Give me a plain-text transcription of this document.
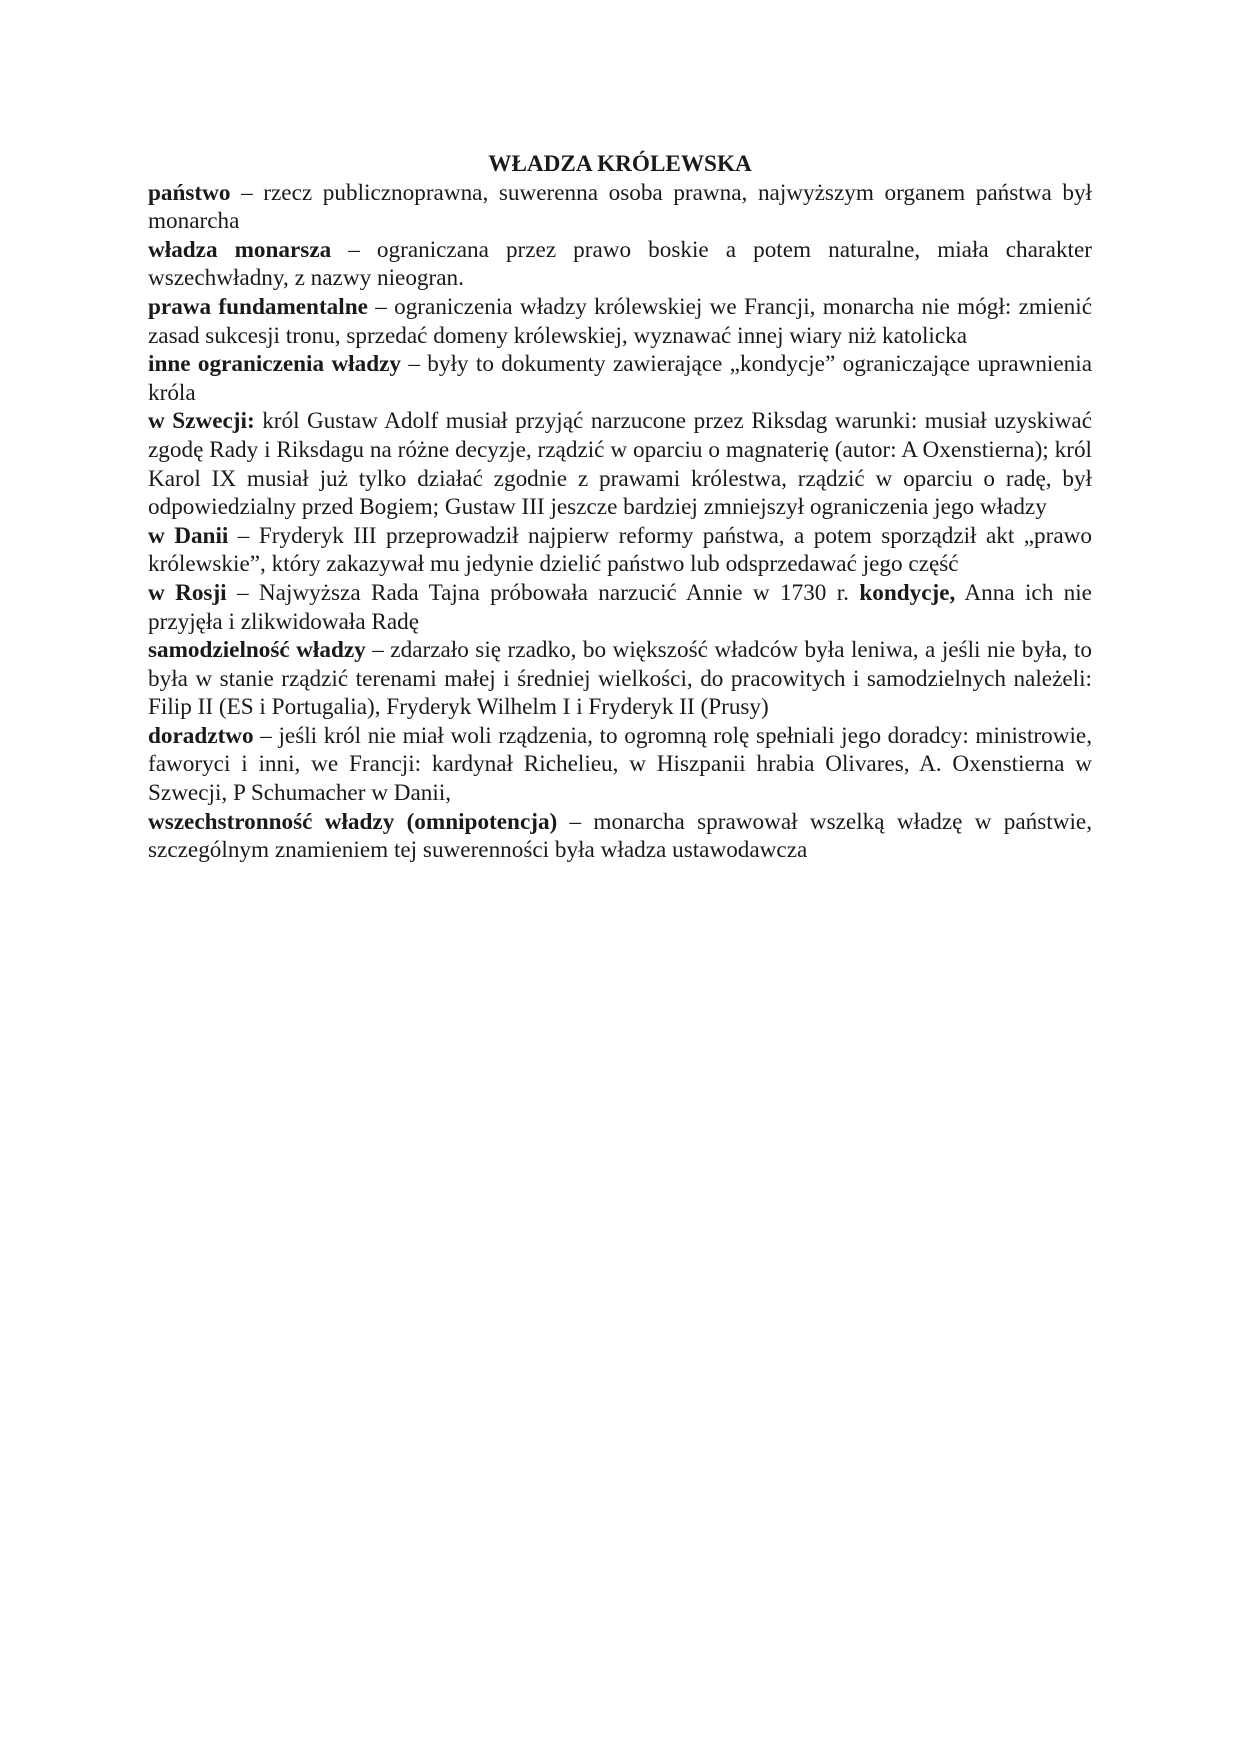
WŁADZA KRÓLEWSKA

państwo – rzecz publicznoprawna, suwerenna osoba prawna, najwyższym organem państwa był monarcha

władza monarsza – ograniczana przez prawo boskie a potem naturalne, miała charakter wszechwładny, z nazwy nieogran.

prawa fundamentalne – ograniczenia władzy królewskiej we Francji, monarcha nie mógł: zmienić zasad sukcesji tronu, sprzedać domeny królewskiej, wyznawać innej wiary niż katolicka

inne ograniczenia władzy – były to dokumenty zawierające „kondycje” ograniczające uprawnienia króla

w Szwecji: król Gustaw Adolf musiał przyjąć narzucone przez Riksdag warunki: musiał uzyskiwać zgodę Rady i Riksdagu na różne decyzje, rządzić w oparciu o magnaterię (autor: A Oxenstierna); król Karol IX musiał już tylko działać zgodnie z prawami królestwa, rządzić w oparciu o radę, był odpowiedzialny przed Bogiem; Gustaw III jeszcze bardziej zmniejszył ograniczenia jego władzy

w Danii – Fryderyk III przeprowadził najpierw reformy państwa, a potem sporządził akt „prawo królewskie”, który zakazywał mu jedynie dzielić państwo lub odsprzedawać jego część

w Rosji – Najwyższa Rada Tajna próbowała narzucić Annie w 1730 r. kondycje, Anna ich nie przyjęła i zlikwidowała Radę

samodzielność władzy – zdarzało się rzadko, bo większość władców była leniwa, a jeśli nie była, to była w stanie rządzić terenami małej i średniej wielkości, do pracowitych i samodzielnych należeli: Filip II (ES i Portugalia), Fryderyk Wilhelm I i Fryderyk II (Prusy)

doradztwo – jeśli król nie miał woli rządzenia, to ogromną rolę spełniali jego doradcy: ministrowie, faworyci i inni, we Francji: kardynał Richelieu, w Hiszpanii hrabia Olivares, A. Oxenstierna w Szwecji, P Schumacher w Danii,

wszechstronność władzy (omnipotencja) – monarcha sprawował wszelką władzę w państwie, szczególnym znamieniem tej suwerenności była władza ustawodawcza
